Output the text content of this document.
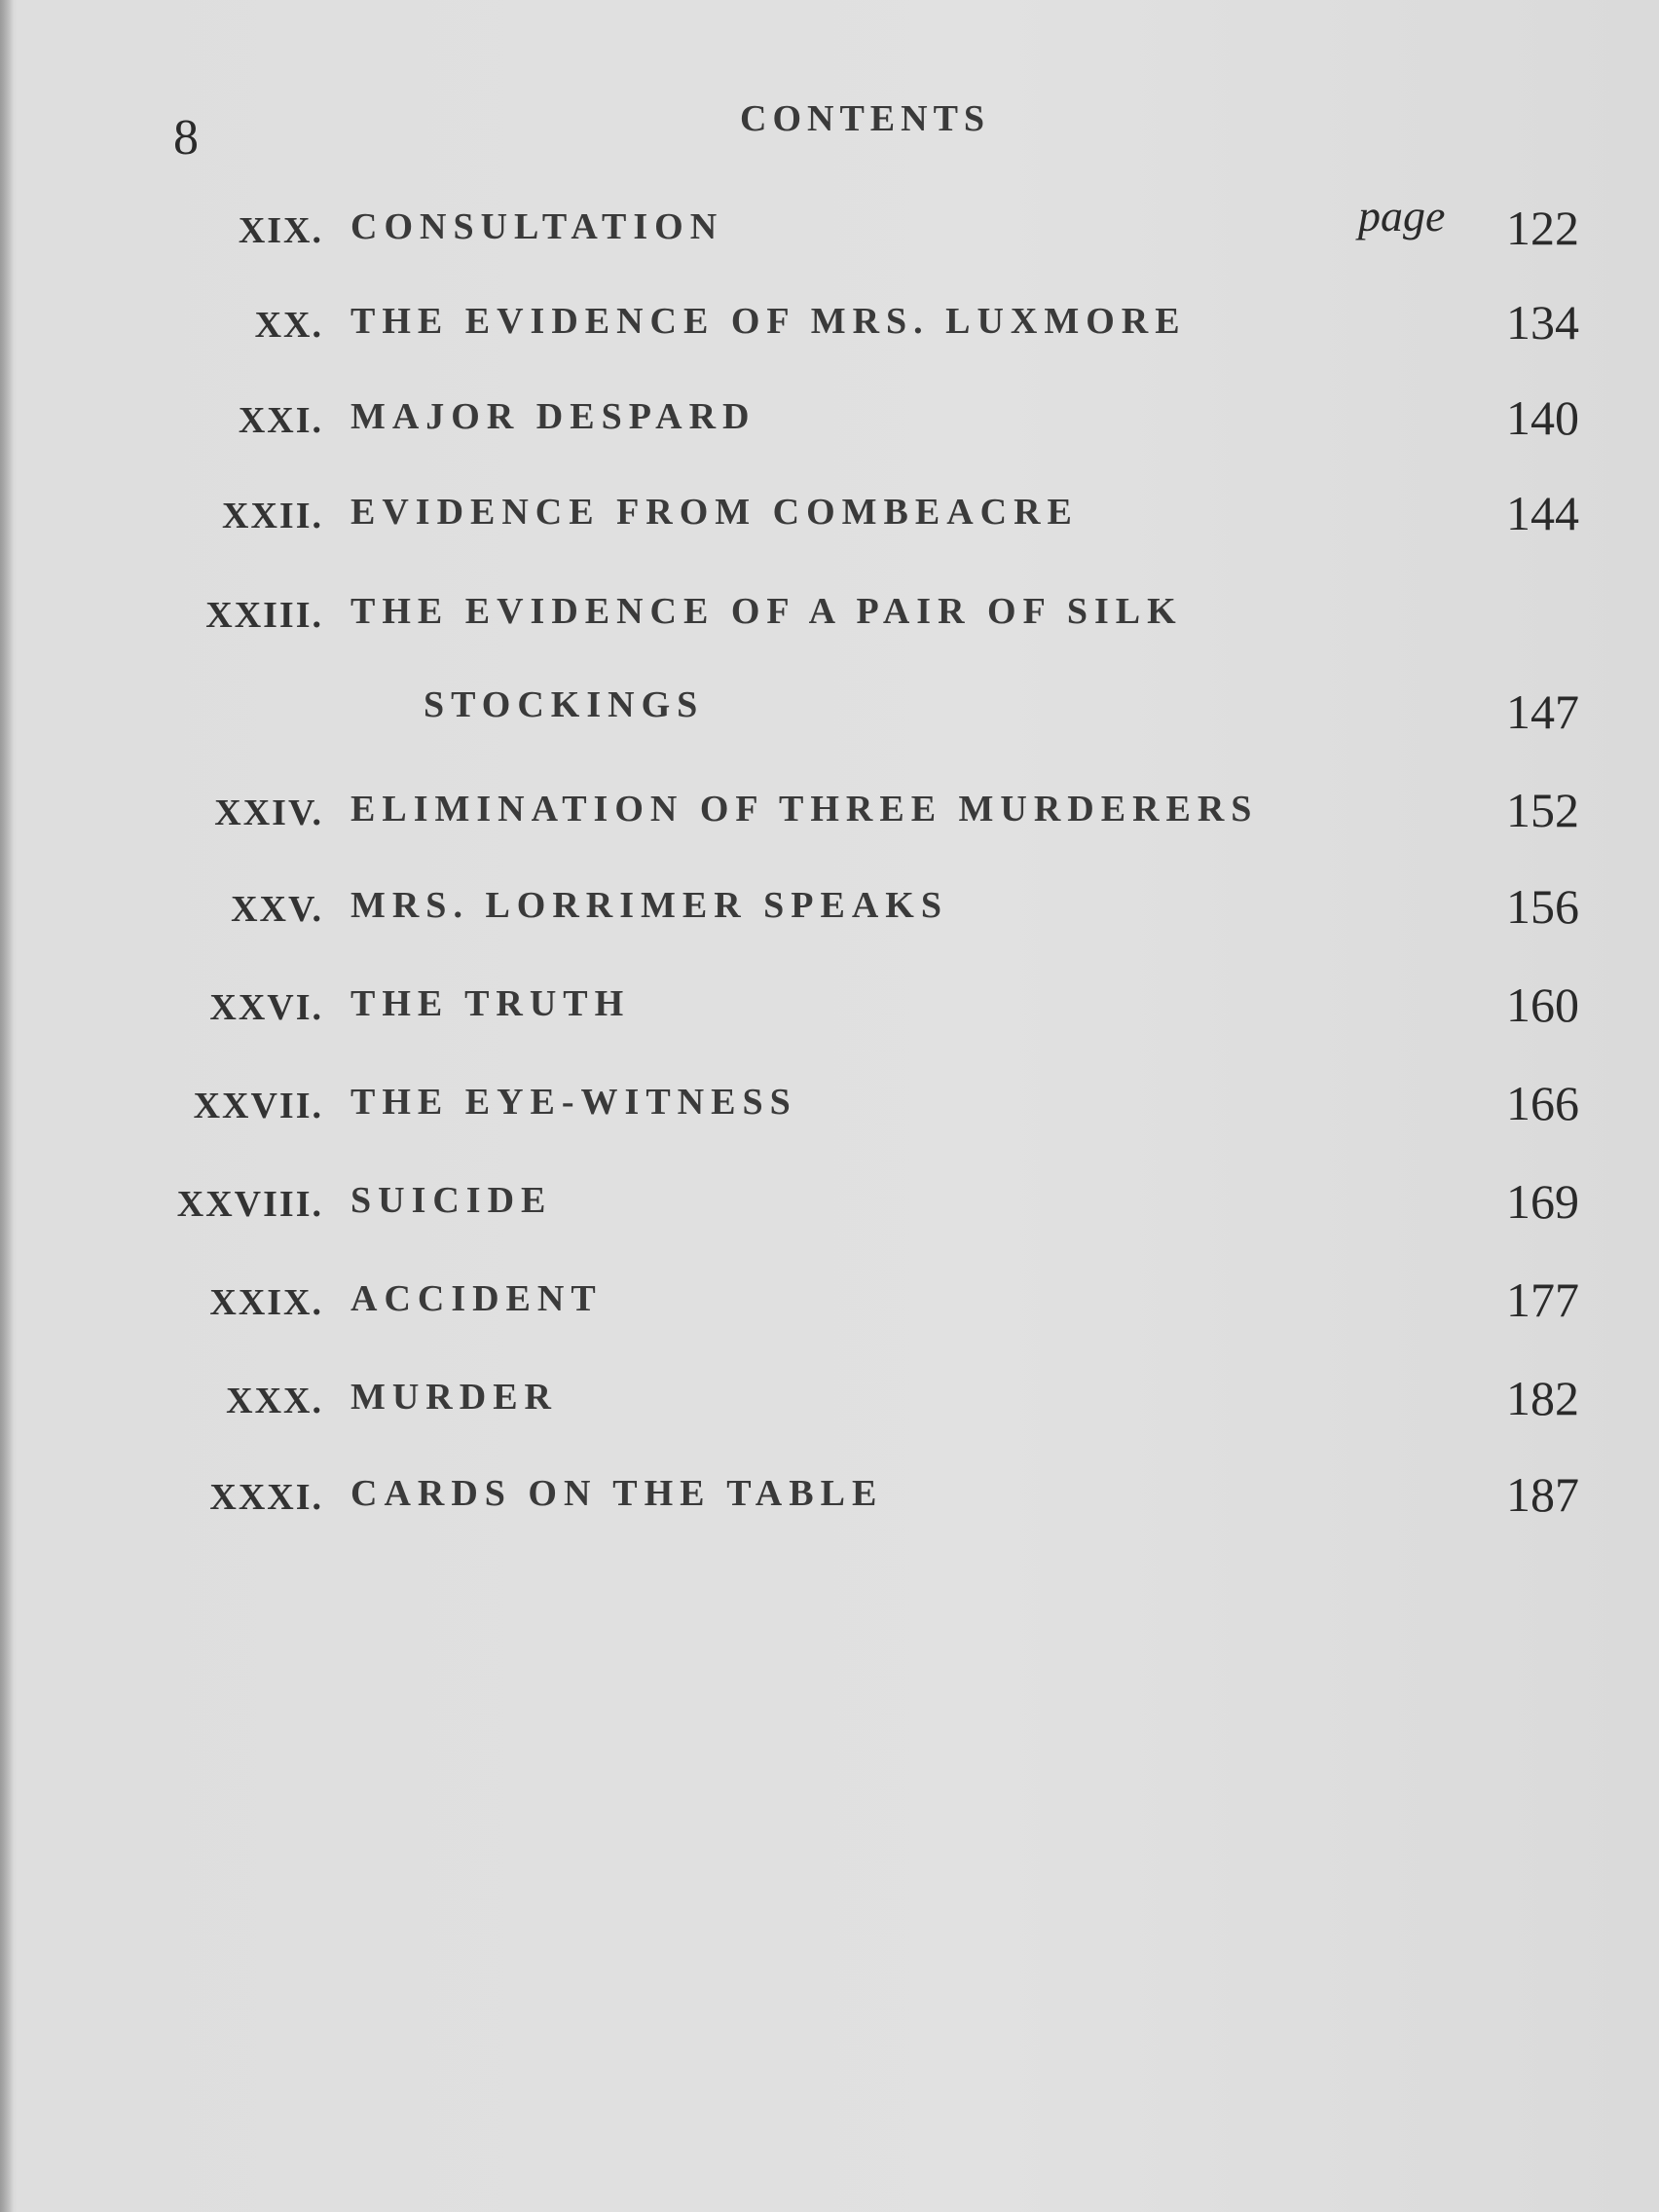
8	CONTENTS
page
XIX. CONSULTATION	122
XX. THE EVIDENCE OF MRS. LUXMORE	134
XXI. MAJOR DESPARD	140
XXII. EVIDENCE FROM COMBEACRE	144
XXIII. THE EVIDENCE OF A PAIR OF SILK
STOCKINGS	147
XXIV. ELIMINATION OF THREE MURDERERS	152
XXV. MRS. LORRIMER SPEAKS	156
XXVI. THE TRUTH	160
XXVII. THE EYE-WITNESS	166
XXVIII. SUICIDE	169
XXIX. ACCIDENT	177
XXX. MURDER	182
XXXI. CARDS ON THE TABLE	187
